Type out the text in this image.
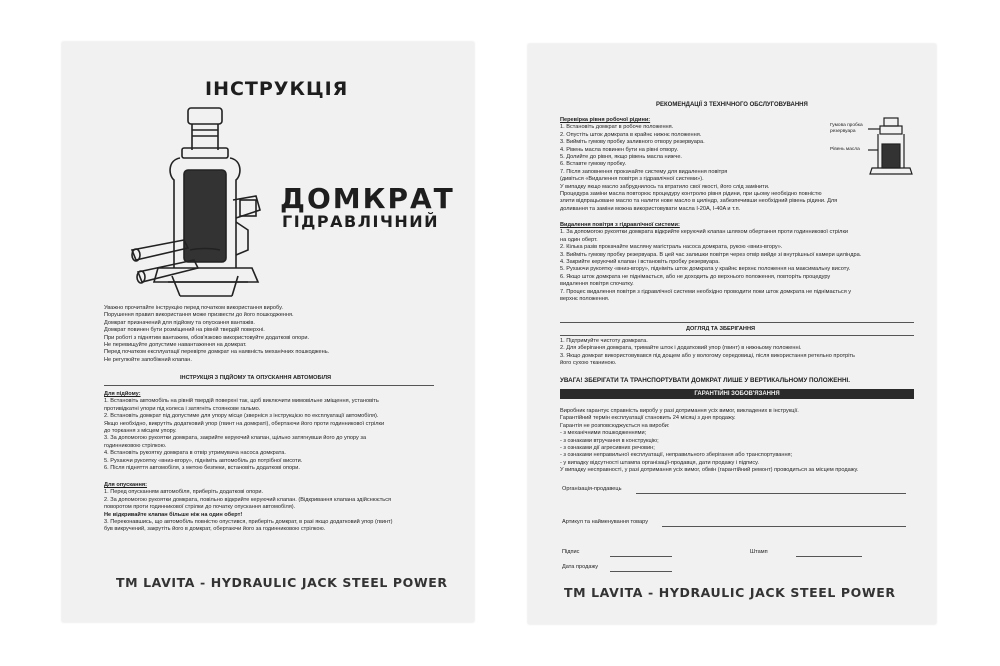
ІНСТРУКЦІЯ
ДОМКРАТ
ГІДРАВЛІЧНИЙ
Уважно прочитайте інструкцію перед початком використання виробу.
Порушення правил використання може призвести до його пошкодження.
Домкрат призначений для підйому та опускання вантажів.
Домкрат повинен бути розміщений на рівній твердій поверхні.
При роботі з піднятим вантажем, обов'язково використовуйте додаткові опори.
Не перевищуйте допустиме навантаження на домкрат.
Перед початком експлуатації перевірте домкрат на наявність механічних пошкоджень.
Не регулюйте запобіжний клапан.
ІНСТРУКЦІЯ З ПІДЙОМУ ТА ОПУСКАННЯ АВТОМОБІЛЯ
Для підйому:
1. Встановіть автомобіль на рівній твердій поверхні так, щоб виключити мимовільне зміщення, установіть
противідкатні упори під колеса і затягніть стоянкове гальмо.
2. Встановіть домкрат під допустиме для упору місце (зверніся з інструкцією по експлуатації автомобіля).
Якщо необхідно, викрутіть додатковий упор (гвинт на домкраті), обертаючи його проти годинникової стрілки
до торкання з місцем упору.
3. За допомогою рукоятки домкрата, закрийте керуючий клапан, щільно затягнувши його до упору за
годинниковою стрілкою.
4. Встановіть рукоятку домкрата в отвір утримувача насоса домкрата.
5. Рухаючи рукоятку «вниз-вгору», підніміть автомобіль до потрібної висоти.
6. Після підняття автомобіля, з метою безпеки, встановіть додаткові опори.
Для опускання:
1. Перед опусканням автомобіля, приберіть додаткові опори.
2. За допомогою рукоятки домкрата, повільно відкрийте керуючий клапан. (Відкривання клапана здійснюється
поворотом проти годинникової стрілки до початку опускання автомобіля).
Не відкривайте клапан більше ніж на один оберт!
3. Переконавшись, що автомобіль повністю опустився, приберіть домкрат, в разі якщо додатковий упор (гвинт)
був викручений, закрутіть його в домкрат, обертаючи його за годинниковою стрілкою.
TM LAVITA - HYDRAULIC JACK STEEL POWER
РЕКОМЕНДАЦІЇ З ТЕХНІЧНОГО ОБСЛУГОВУВАННЯ
Перевірка рівня робочої рідини:
1. Встановіть домкрат в робоче положення.
2. Опустіть шток домкрата в крайнє нижнє положення.
3. Вийміть гумову пробку заливного отвору резервуара.
4. Рівень масла повинен бути на рівні отвору.
5. Долийте до рівня, якщо рівень масла нижче.
6. Вставте гумову пробку.
7. Після заповнення прокачайте систему для видалення повітря
(дивіться «Видалення повітря з гідравлічної системи»).
У випадку якщо масло забруднилось та втратило свої якості, його слід замінити.
Процедура заміни масла повторює процедуру контролю рівня рідини, при цьому необхідно повністю
злити відпрацьоване масло та налити нове масло в циліндр, забезпечивши необхідний рівень рідини. Для
доливання та заміни можна використовувати масла I-20A, I-40A и т.п.
Гумова пробка резервуара
Рівень масла
Видалення повітря з гідравлічної системи:
1. За допомогою рукоятки домкрата відкрийте керуючий клапан шляхом обертання проти годинникової стрілки
на один оберт.
2. Кілька разів прокачайте масляну магістраль насоса домкрата, рукою «вниз-вгору».
3. Вийміть гумову пробку резервуара. В цей час залишки повітря через отвір вийде зі внутрішньої камери циліндра.
4. Закрийте керуючий клапан і встановіть пробку резервуара.
5. Рухаючи рукоятку «вниз-вгору», підніміть шток домкрата у крайнє верхнє положення на максимальну висоту.
6. Якщо шток домкрата не піднімається, або не доходить до верхнього положення, повторіть процедуру
видалення повітря спочатку.
7. Процес видалення повітря з гідравлічної системи необхідно проводити поки шток домкрата не піднімається у
верхнє положення.
ДОГЛЯД ТА ЗБЕРІГАННЯ
1. Підтримуйте чистоту домкрата.
2. Для зберігання домкрата, тримайте шток і додатковий упор (гвинт) в нижньому положенні.
3. Якщо домкрат використовувався під дощем або у вологому середовищі, після використання ретельно протріть
його сухою тканиною.
УВАГА! ЗБЕРІГАТИ ТА ТРАНСПОРТУВАТИ ДОМКРАТ ЛИШЕ У ВЕРТИКАЛЬНОМУ ПОЛОЖЕННІ.
ГАРАНТІЙНІ ЗОБОВ'ЯЗАННЯ
Виробник гарантує справність виробу у разі дотримання усіх вимог, викладених в інструкції.
Гарантійний термін експлуатації становить 24 місяці з дня продажу.
Гарантія не розповсюджується на вироби:
- з механічними пошкодженнями;
- з ознаками втручання в конструкцію;
- з ознаками дії агресивних речовин;
- з ознаками неправильної експлуатації, неправильного зберігання або транспортування;
- у випадку відсутності штампа організації-продавця, дати продажу і підпису.
У випадку несправності, у разі дотримання усіх вимог, обмін (гарантійний ремонт) проводиться за місцем продажу.
Організація-продавець
Артикул та найменування товару
Підпис	Штамп
Дата продажу
TM LAVITA - HYDRAULIC JACK STEEL POWER
